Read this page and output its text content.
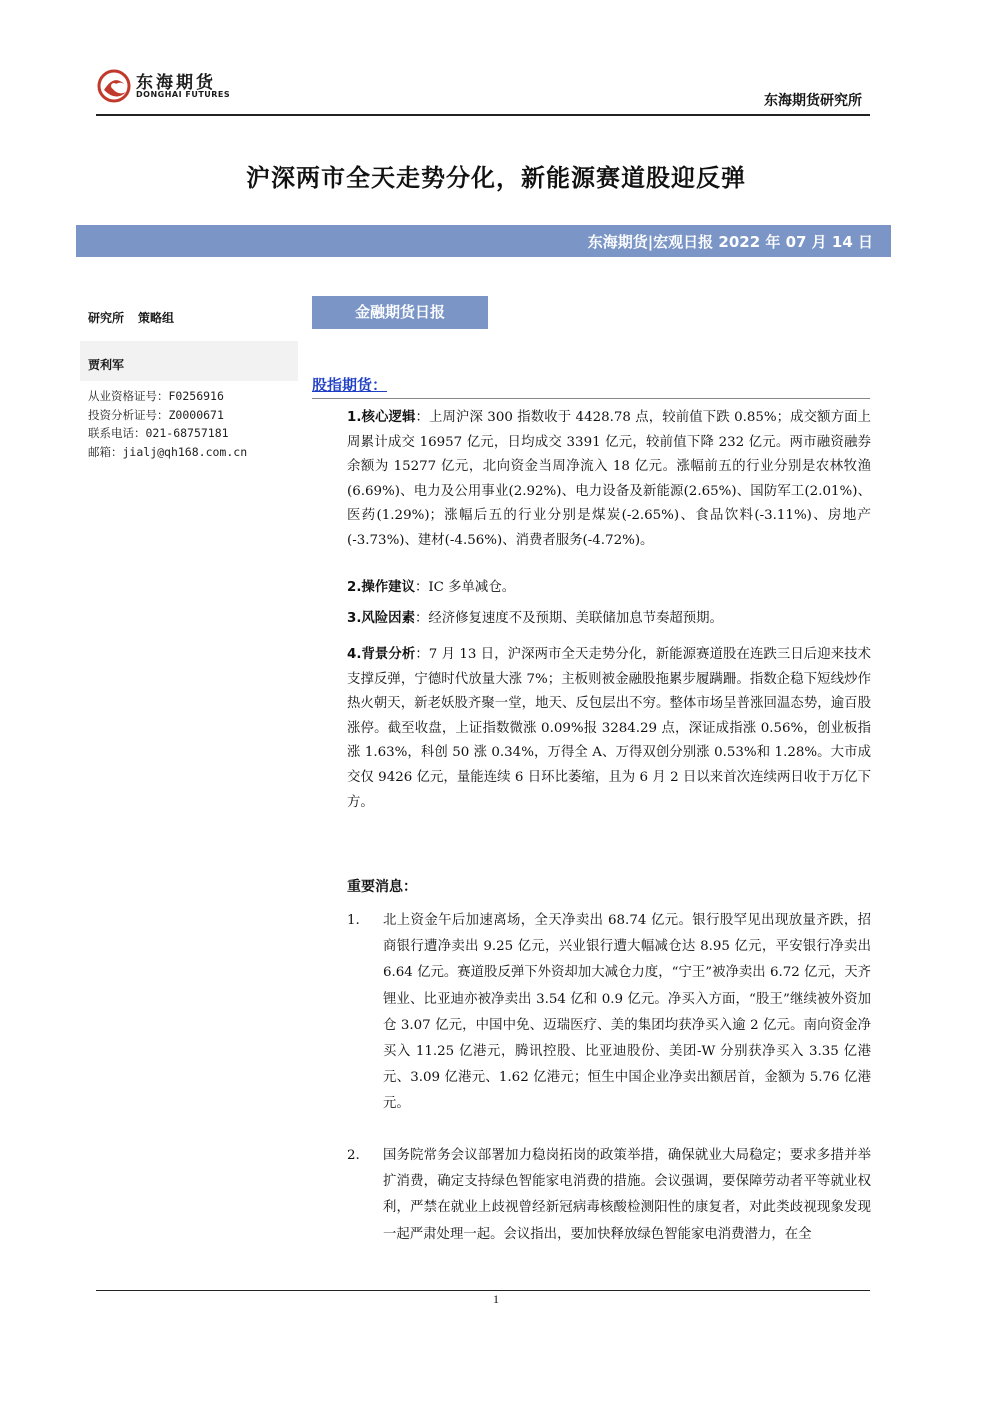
东海期货
DONGHAI FUTURES	东海期货研究所
沪深两市全天走势分化，新能源赛道股迎反弹
东海期货|宏观日报 2022 年 07 月 14 日
研究所 策略组
贾利军
从业资格证号：F0256916
投资分析证号：Z0000671
联系电话：021-68757181
邮箱：jialj@qh168.com.cn
金融期货日报
股指期货：
1.核心逻辑：上周沪深 300 指数收于 4428.78 点，较前值下跌 0.85%；成交额方面上周累计成交 16957 亿元，日均成交 3391 亿元，较前值下降 232 亿元。两市融资融券余额为 15277 亿元，北向资金当周净流入 18 亿元。涨幅前五的行业分别是农林牧渔(6.69%)、电力及公用事业(2.92%)、电力设备及新能源(2.65%)、国防军工(2.01%)、医药(1.29%)；涨幅后五的行业分别是煤炭(-2.65%)、食品饮料(-3.11%)、房地产(-3.73%)、建材(-4.56%)、消费者服务(-4.72%)。
2.操作建议：IC 多单减仓。
3.风险因素：经济修复速度不及预期、美联储加息节奏超预期。
4.背景分析：7 月 13 日，沪深两市全天走势分化，新能源赛道股在连跌三日后迎来技术支撑反弹，宁德时代放量大涨 7%；主板则被金融股拖累步履蹒跚。指数企稳下短线炒作热火朝天，新老妖股齐聚一堂，地天、反包层出不穷。整体市场呈普涨回温态势，逾百股涨停。截至收盘，上证指数微涨 0.09%报 3284.29 点，深证成指涨 0.56%，创业板指涨 1.63%，科创 50 涨 0.34%，万得全 A、万得双创分别涨 0.53%和 1.28%。大市成交仅 9426 亿元，量能连续 6 日环比萎缩，且为 6 月 2 日以来首次连续两日收于万亿下方。
重要消息：
1.	北上资金午后加速离场，全天净卖出 68.74 亿元。银行股罕见出现放量齐跌，招商银行遭净卖出 9.25 亿元，兴业银行遭大幅减仓达 8.95 亿元，平安银行净卖出 6.64 亿元。赛道股反弹下外资却加大减仓力度，“宁王”被净卖出 6.72 亿元，天齐锂业、比亚迪亦被净卖出 3.54 亿和 0.9 亿元。净买入方面，“股王”继续被外资加仓 3.07 亿元，中国中免、迈瑞医疗、美的集团均获净买入逾 2 亿元。南向资金净买入 11.25 亿港元，腾讯控股、比亚迪股份、美团-W 分别获净买入 3.35 亿港元、3.09 亿港元、1.62 亿港元；恒生中国企业净卖出额居首，金额为 5.76 亿港元。
2.	国务院常务会议部署加力稳岗拓岗的政策举措，确保就业大局稳定；要求多措并举扩消费，确定支持绿色智能家电消费的措施。会议强调，要保障劳动者平等就业权利，严禁在就业上歧视曾经新冠病毒核酸检测阳性的康复者，对此类歧视现象发现一起严肃处理一起。会议指出，要加快释放绿色智能家电消费潜力，在全
1
